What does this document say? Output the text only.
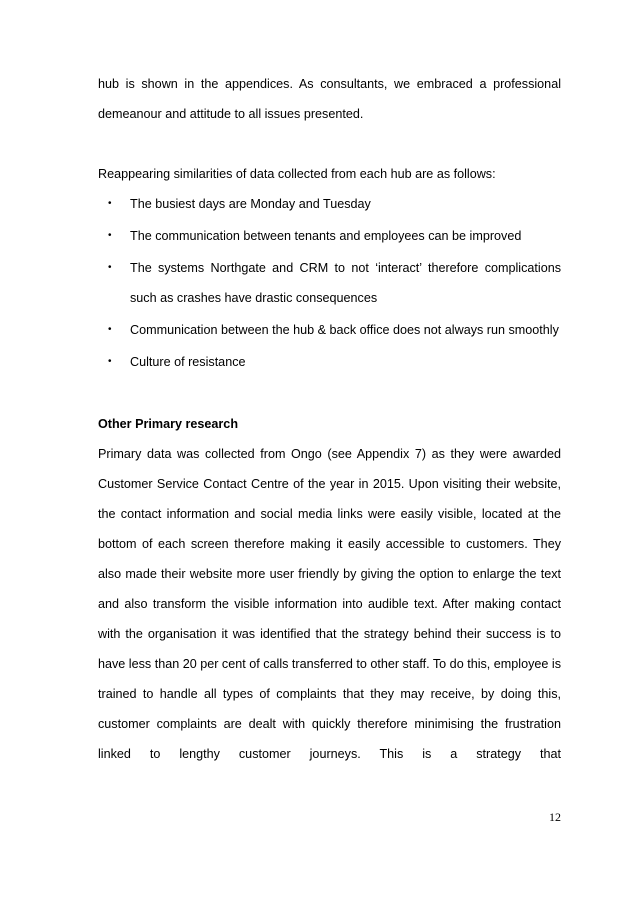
hub is shown in the appendices. As consultants, we embraced a professional demeanour and attitude to all issues presented.

Reappearing similarities of data collected from each hub are as follows:

• The busiest days are Monday and Tuesday
• The communication between tenants and employees can be improved
• The systems Northgate and CRM to not ‘interact’ therefore complications such as crashes have drastic consequences
• Communication between the hub & back office does not always run smoothly
• Culture of resistance

Other Primary research

Primary data was collected from Ongo (see Appendix 7) as they were awarded Customer Service Contact Centre of the year in 2015. Upon visiting their website, the contact information and social media links were easily visible, located at the bottom of each screen therefore making it easily accessible to customers. They also made their website more user friendly by giving the option to enlarge the text and also transform the visible information into audible text. After making contact with the organisation it was identified that the strategy behind their success is to have less than 20 per cent of calls transferred to other staff. To do this, employee is trained to handle all types of complaints that they may receive, by doing this, customer complaints are dealt with quickly therefore minimising the frustration linked to lengthy customer journeys. This is a strategy that

12
